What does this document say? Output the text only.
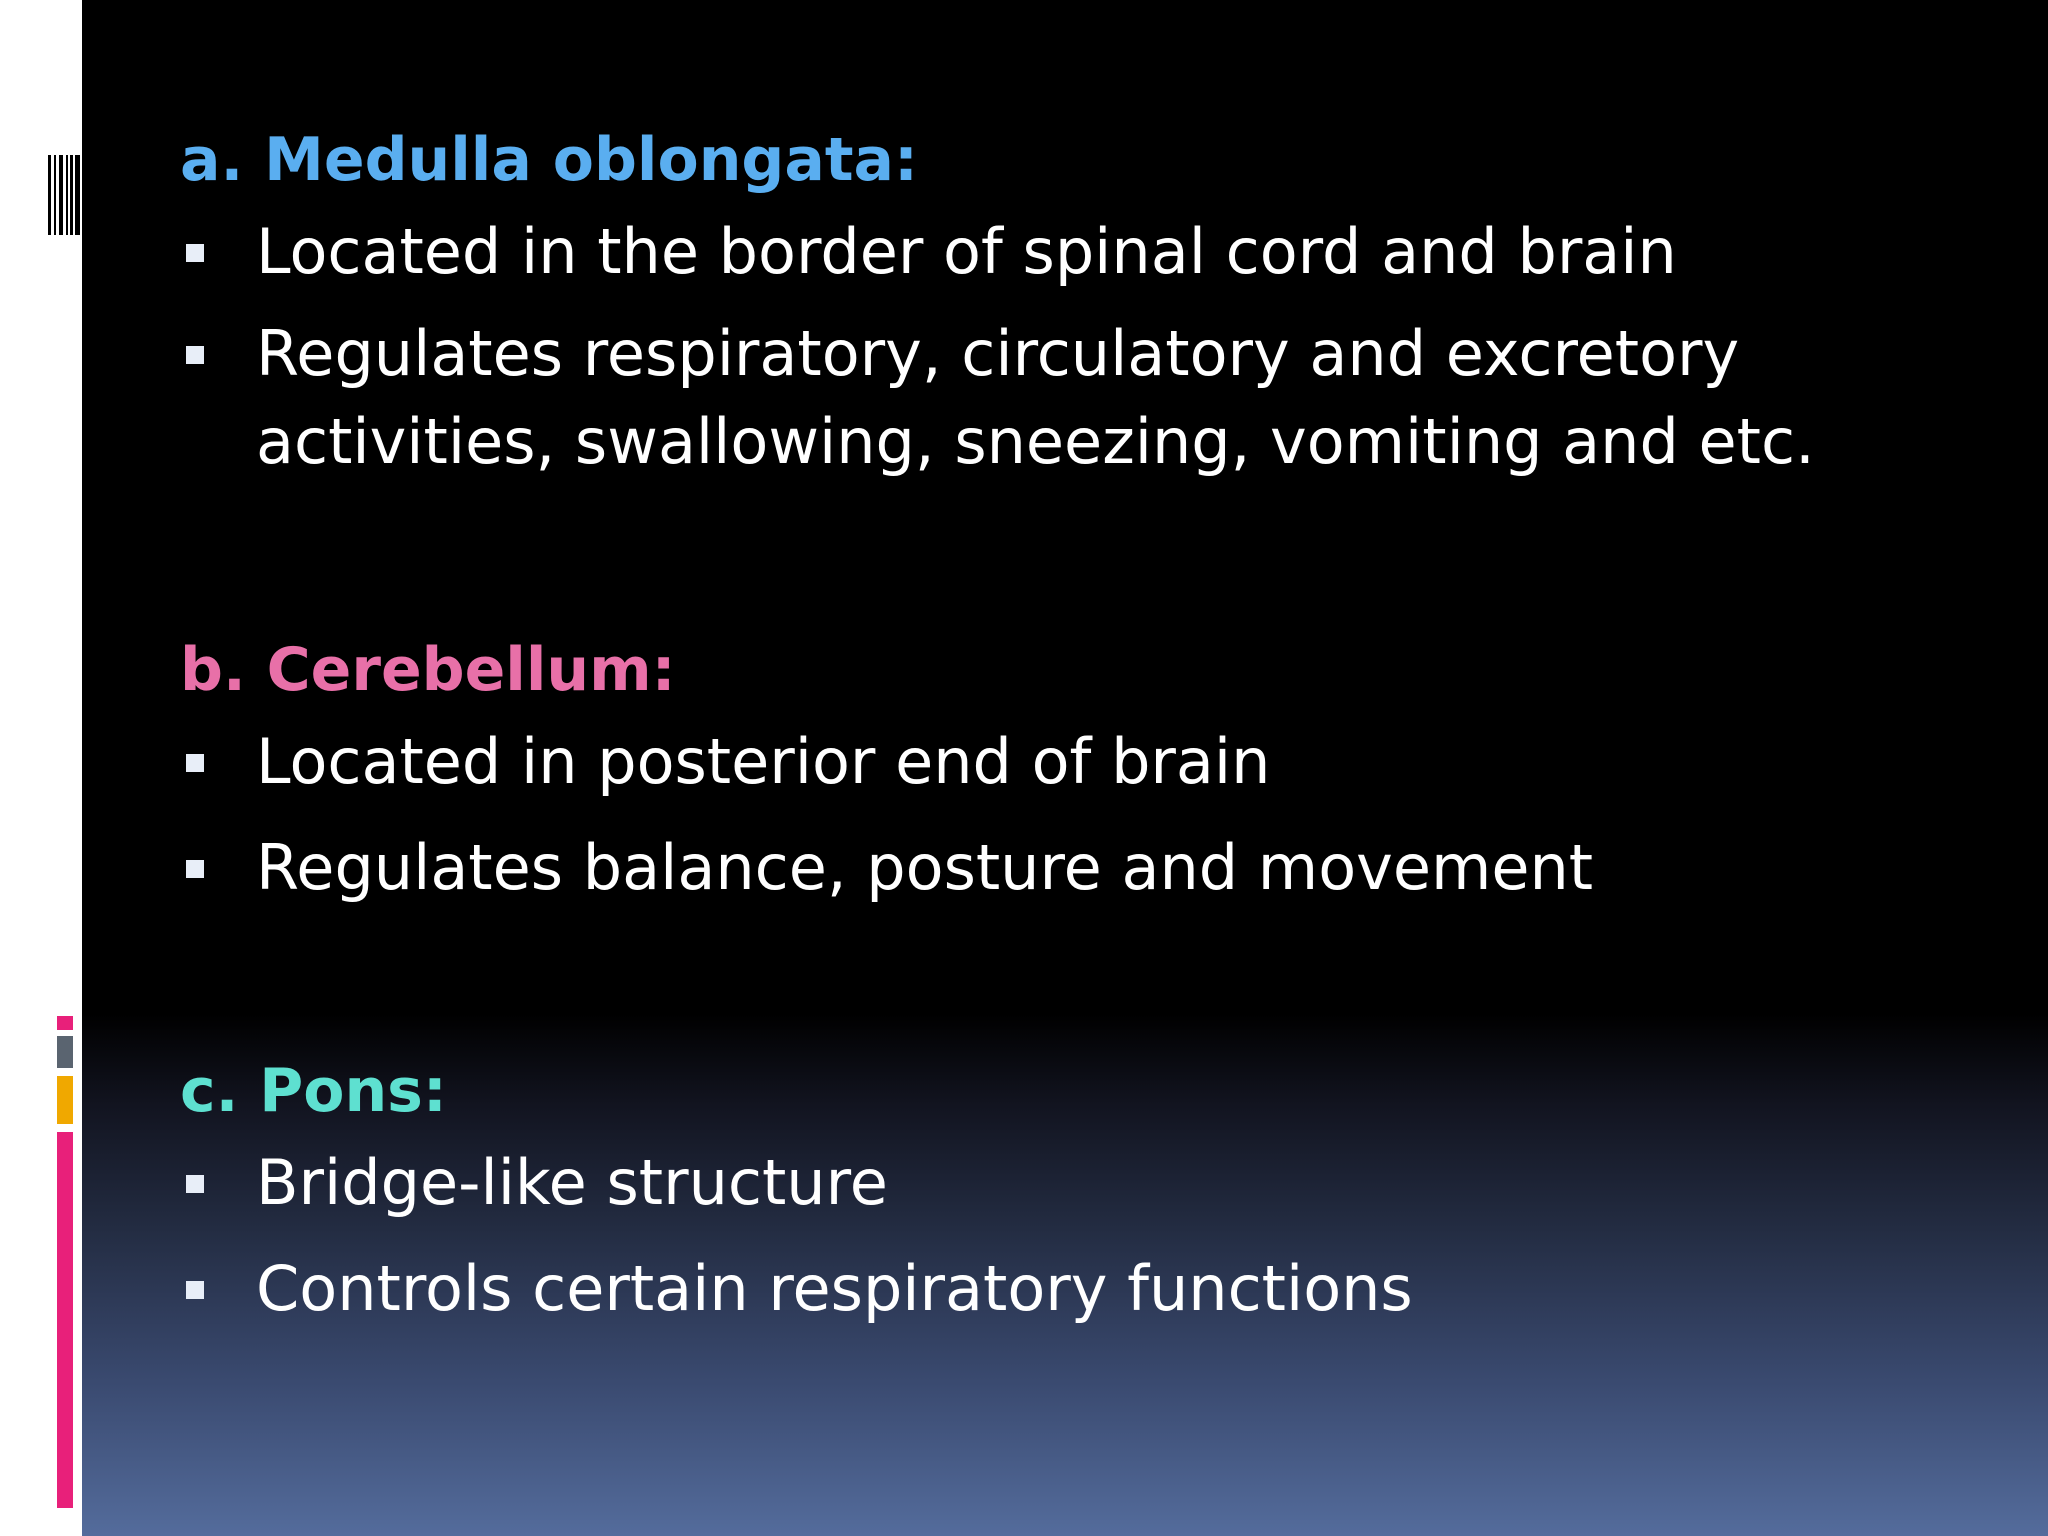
a. Medulla oblongata:
Located in the border of spinal cord and brain
Regulates respiratory, circulatory and excretory activities, swallowing, sneezing, vomiting and etc.
b. Cerebellum:
Located in posterior end of brain
Regulates balance, posture and movement
c. Pons:
Bridge-like structure
Controls certain respiratory functions
